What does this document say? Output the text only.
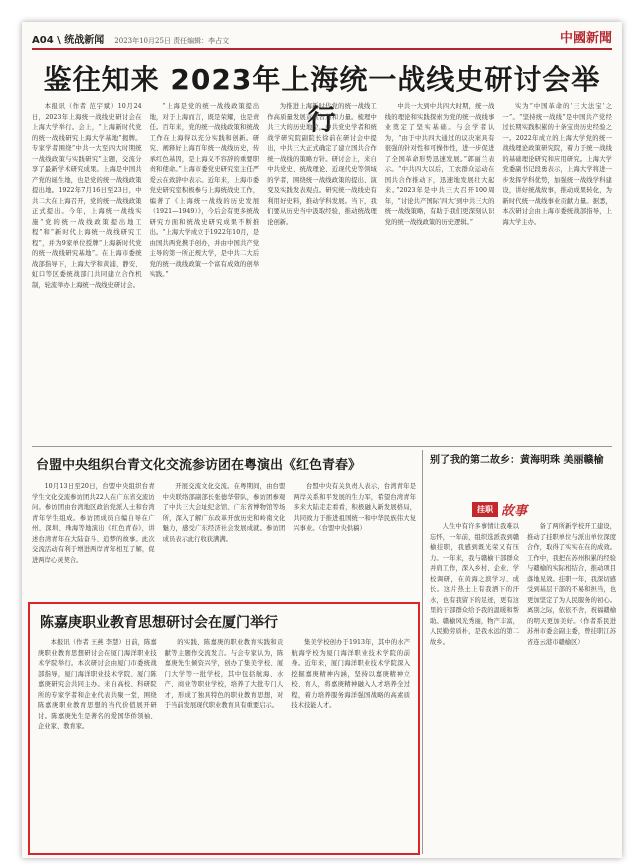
A04 \ 统战新闻 2023年10月25日 责任编辑：李占文	中國新聞
鉴往知来 2023年上海统一战线史研讨会举行

本报讯（作者 范宇斌）10月24日，2023年上海统一战线史研讨会在上海大学举行。会上，“上海新时代党的统一战线研究上海大学基地”揭牌。专家学者围绕“中共一大至四大时期统一战线政策与实践研究”主题，交流分享了最新学术研究成果。上海是中国共产党的诞生地，也是党的统一战线政策提出地。1922年7月16日至23日，中共二大在上海召开，党的统一战线政策正式提出。今年，上海统一战线实施“党的统一战线政策提出地工程”和“新时代上海统一战线研究工程”，并为9家单位授牌“上海新时代党的统一战线研究基地”。在上海市委统战部指导下，上海大学和黄浦、静安、虹口等区委统战部门共同建立合作机制，轮流举办上海统一战线史研讨会。

“上海是党的统一战线政策提出地，对于上海而言，既是荣耀，也是责任。百年来，党的统一战线政策和统战工作在上海得以充分实践和创新。研究、阐释好上海百年统一战线历史，传承红色基因，是上海义不容辞的重要职责和使命。”上海市委党史研究室主任严爱云在致辞中表示。近年来，上海市委党史研究室积极参与上海统战史工作，编著了《上海统一战线的历史发展（1921—1949）》，今后会有更多统战研究方面和统战史研究成果不断推出。“上海大学成立于1922年10月，是由国共两党携手创办，并由中国共产党主导的第一所正规大学，是中共二大后党的统一战线政策一个富有成效的创举实践。”

为推进上海新时代党的统一战线工作高质量发展贡献智慧和力量。梳理中共三大的历史地位，中共党史学者和统战学研究院副院长徐前在研讨会中提出，中共三大正式确定了建立国共合作统一战线的策略方针。研讨会上，来自中共党史、统战理论、近现代史等领域的学者，围绕统一战线政策的提出、演变及实践发表观点。研究统一战线史有利用好史料，推动学科发展。当下，我们要从历史当中汲取经验，推动统战理论创新。

中共一大到中共四大时期，统一战线的理论和实践探索为党的统一战线事业奠定了坚实基础。与会学者认为，“由于中共四大通过的议决案具有很强的针对性和可操作性，进一步促进了全国革命形势迅速发展。”郭丽兰表示。“中共四大以后，工农群众运动在国共合作推动下，迅速地发展壮大起来。”2023年是中共三大召开100周年，“讨论共产国际‘四大’到中共三大的统一战线策略，有助于我们更深刻认识党的统一战线政策的历史逻辑。”

实为“中国革命的‘三大法宝’之一”。“坚持统一战线”是中国共产党经过长期实践积累的十条宝贵历史经验之一。2022年成立的上海大学党的统一战线理论政策研究院，着力于统一战线的基础理论研究和应用研究。上海大学党委副书记段勇表示，上海大学将进一步发挥学科优势，加强统一战线学科建设，讲好统战故事，推动成果转化，为新时代统一战线事业贡献力量。据悉，本次研讨会由上海市委统战部指导，上海大学主办。

台盟中央组织台青文化交流参访团在粤演出《红色青春》

10月13日至20日，台盟中央组织台青学生文化交流参访团共22人在广东省交流访问。参访团由台湾地区政治党派人士和台湾青年学生组成。参访团成员自编自导在广州、深圳、珠海等地演出《红色青春》，讲述台湾青年在大陆奋斗、追梦的故事。此次交流活动有利于增进两岸青年相互了解，促进两岸心灵契合。

开展交流文化交流。在粤期间，由台盟中央联络部副部长张德华带队，参访团参观了中共三大会址纪念馆、广东省博物馆等场所，深入了解广东改革开放历史和岭南文化魅力，感受广东经济社会发展成就。参访团成员表示此行收获满满。

台盟中央有关负责人表示，台湾青年是两岸关系和平发展的生力军，希望台湾青年多来大陆走走看看，积极融入新发展格局，共同致力于推进祖国统一和中华民族伟大复兴事业。（台盟中央供稿）

别了我的第二故乡：黄海明珠 美丽赣榆
挂职 故事

人生中有许多事情让我难以忘怀，一年前，组织选派我到赣榆挂职，我感到既光荣又有压力。一年来，我与赣榆干部群众并肩工作，深入乡村、企业、学校调研，在黄海之滨学习、成长。这片热土上有我洒下的汗水，也有我留下的足迹，更有这里的干部群众给予我的温暖和帮助。赣榆风光秀丽，物产丰富，人民勤劳质朴，是我永远的第二故乡。

备了两所新学校开工建设，推动了挂职单位与派出单位深度合作，取得了实实在在的成效。工作中，我把在苏州积累的经验与赣榆的实际相结合，推动项目落地见效。挂职一年，我深切感受到基层干部的不易和担当，也更加坚定了为人民服务的初心。离别之际，依依不舍，祝福赣榆的明天更加美好。（作者系民进苏州市委会副主委，曾挂职江苏省连云港市赣榆区）

陈嘉庚职业教育思想研讨会在厦门举行

本报讯（作者 王燕 李慧）日前，陈嘉庚职业教育思想研讨会在厦门海洋职业技术学院举行。本次研讨会由厦门市委统战部指导，厦门海洋职业技术学院、厦门陈嘉庚研究会共同主办。来自高校、科研院所的专家学者和企业代表共聚一堂，围绕陈嘉庚职业教育思想的当代价值展开研讨。陈嘉庚先生是著名的爱国华侨领袖、企业家、教育家。

的实践、陈嘉庚的职业教育实践和贡献等主题作交流发言。与会专家认为，陈嘉庚先生倾资兴学，创办了集美学校、厦门大学等一批学校，其中包括航海、水产、商业等职业学校，培养了大批专门人才，形成了独具特色的职业教育思想，对于当前发展现代职业教育具有重要启示。

集美学校创办于1913年，其中的水产航海学校为厦门海洋职业技术学院的前身。近年来，厦门海洋职业技术学院深入挖掘嘉庚精神内涵，坚持以嘉庚精神立校、育人，将嘉庚精神融入人才培养全过程，着力培养服务海洋强国战略的高素质技术技能人才。
